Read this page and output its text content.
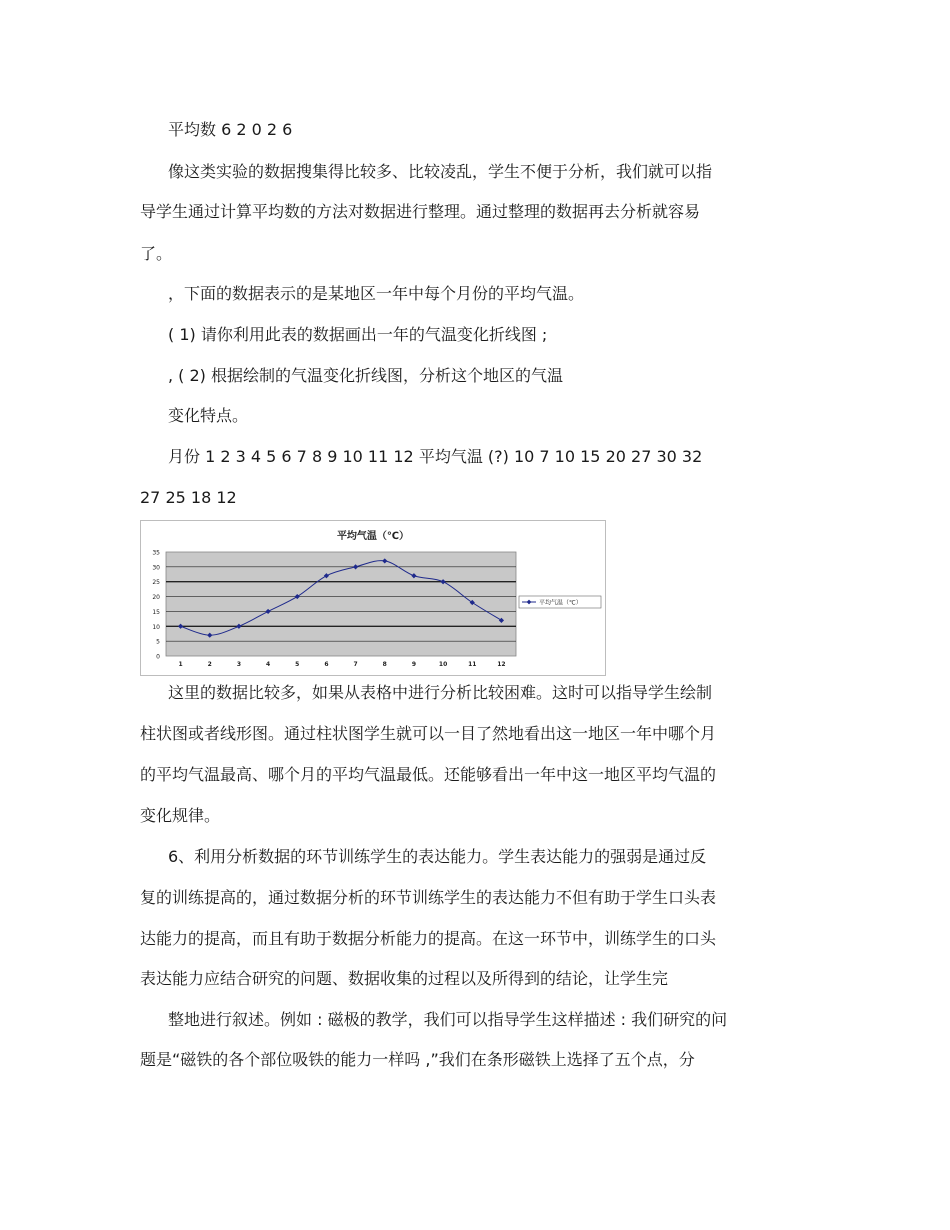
平均数 6 2 0 2 6
像这类实验的数据搜集得比较多、比较凌乱，学生不便于分析，我们就可以指
导学生通过计算平均数的方法对数据进行整理。通过整理的数据再去分析就容易
了。
，下面的数据表示的是某地区一年中每个月份的平均气温。
( 1) 请你利用此表的数据画出一年的气温变化折线图 ;
, ( 2) 根据绘制的气温变化折线图，分析这个地区的气温
变化特点。
月份 1 2 3 4 5 6 7 8 9 10 11 12 平均气温 (?) 10 7 10 15 20 27 30 32
27 25 18 12
这里的数据比较多，如果从表格中进行分析比较困难。这时可以指导学生绘制
柱状图或者线形图。通过柱状图学生就可以一目了然地看出这一地区一年中哪个月
的平均气温最高、哪个月的平均气温最低。还能够看出一年中这一地区平均气温的
变化规律。
6、利用分析数据的环节训练学生的表达能力。学生表达能力的强弱是通过反
复的训练提高的，通过数据分析的环节训练学生的表达能力不但有助于学生口头表
达能力的提高，而且有助于数据分析能力的提高。在这一环节中，训练学生的口头
表达能力应结合研究的问题、数据收集的过程以及所得到的结论，让学生完
整地进行叙述。例如 : 磁极的教学，我们可以指导学生这样描述 : 我们研究的问
题是“磁铁的各个部位吸铁的能力一样吗 ,”我们在条形磁铁上选择了五个点，分
平均气温（℃）
0
5
10
15
20
25
30
35
1	2	3	4	5	6	7	8	9	10	11	12
平均气温（℃）
